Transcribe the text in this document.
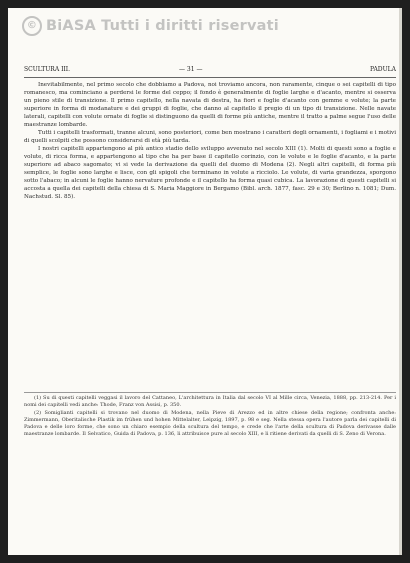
© BiASA Tutti i diritti riservati
SCULTURA III.	— 31 —	PADULA

Inevitabilmente, nel primo secolo che dobbiamo a Padova, noi troviamo ancora, non raramente, cinque o sei capitelli di tipo romanesco, ma cominciano a perdersi le forme del ceppo; il fondo è generalmente di foglie larghe e d'acanto, mentre si osserva un pieno stile di transizione. Il primo capitello, nella navata di destra, ha fiori e foglie d'acanto con gemme e volute; la parte superiore in forma di modanature e dei gruppi di foglie, che danno al capitello il pregio di un tipo di transizione. Nelle navate laterali, capitelli con volute ornate di foglie si distinguono da quelli di forme più antiche, mentre il tratto a palme segue l'uso delle maestranze lombarde.

Tutti i capitelli trasformati, tranne alcuni, sono posteriori, come ben mostrano i caratteri degli ornamenti, i fogliami e i motivi di quelli scolpiti che possono considerarsi di età più tarda.

I nostri capitelli appartengono al più antico stadio dello sviluppo avvenuto nel secolo XIII (1). Molti di questi sono a foglie e volute, di ricca forma, e appartengono al tipo che ha per base il capitello corinzio, con le volute e le foglie d'acanto, e la parte superiore ad abaco sagomato; vi si vede la derivazione da quelli del duomo di Modena (2). Negli altri capitelli, di forma più semplice, le foglie sono larghe e lisce, con gli spigoli che terminano in volute a ricciolo. Le volute, di varia grandezza, sporgono sotto l'abaco; in alcuni le foglie hanno nervature profonde e il capitello ha forma quasi cubica. La lavorazione di questi capitelli si accosta a quella dei capitelli della chiesa di S. Maria Maggiore in Bergamo (Bibl. arch. 1877, fasc. 29 e 30; Berlino n. 1081; Dum. Nachstud. Sl. 85).

(1) Su di questi capitelli veggasi il lavoro del Cattaneo, L'architettura in Italia dal secolo VI al Mille circa, Venezia, 1888, pp. 213-214. Per i nomi dei capitelli vedi anche: Thode, Franz von Assisi, p. 350.

(2) Somiglianti capitelli si trovano nel duomo di Modena, nella Pieve di Arezzo ed in altre chiese della regione; confronta anche: Zimmermann, Oberitalische Plastik im frühen und hohen Mittelalter, Leipzig, 1897, p. 98 e seg. Nella stessa opera l'autore parla dei capitelli di Padova e delle loro forme, che sono un chiaro esempio della scultura del tempo, e crede che l'arte della scultura di Padova derivasse dalle maestranze lombarde. Il Selvatico, Guida di Padova, p. 136, li attribuisce pure al secolo XIII, e li ritiene derivati da quelli di S. Zeno di Verona.
